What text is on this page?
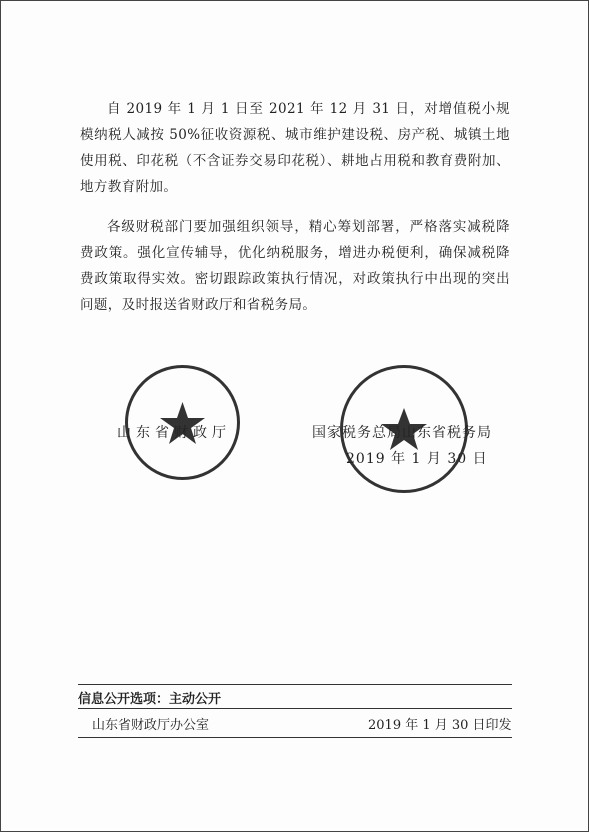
自 2019 年 1 月 1 日至 2021 年 12 月 31 日，对增值税小规模纳税人减按 50%征收资源税、城市维护建设税、房产税、城镇土地使用税、印花税（不含证券交易印花税）、耕地占用税和教育费附加、地方教育附加。

各级财税部门要加强组织领导，精心筹划部署，严格落实减税降费政策。强化宣传辅导，优化纳税服务，增进办税便利，确保减税降费政策取得实效。密切跟踪政策执行情况，对政策执行中出现的突出问题，及时报送省财政厅和省税务局。

山东省财政厅	国家税务总局山东省税务局
2019 年 1 月 30 日
信息公开选项：主动公开
山东省财政厅办公室	2019 年 1 月 30 日印发
